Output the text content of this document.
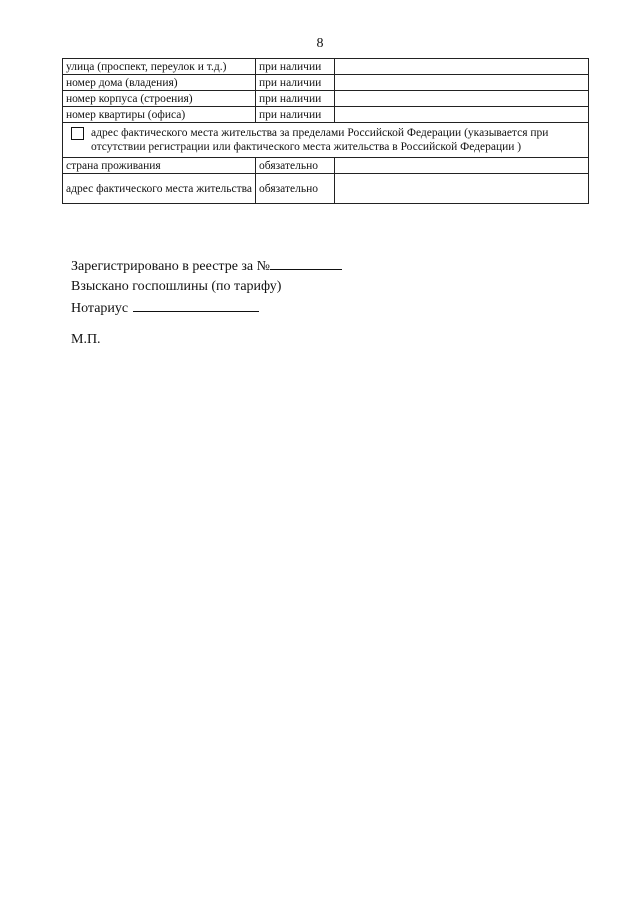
8
улица (проспект, переулок и т.д.)	при наличии	
номер дома (владения)	при наличии	
номер корпуса (строения)	при наличии	
номер квартиры (офиса)	при наличии	

адрес фактического места жительства за пределами Российской Федерации (указывается при отсутствии регистрации или фактического места жительства в Российской Федерации )		

страна проживания	обязательно	
адрес фактического места жительства	обязательно	
Зарегистрировано в реестре за №
Взыскано госпошлины (по тарифу)
Нотариус
М.П.
